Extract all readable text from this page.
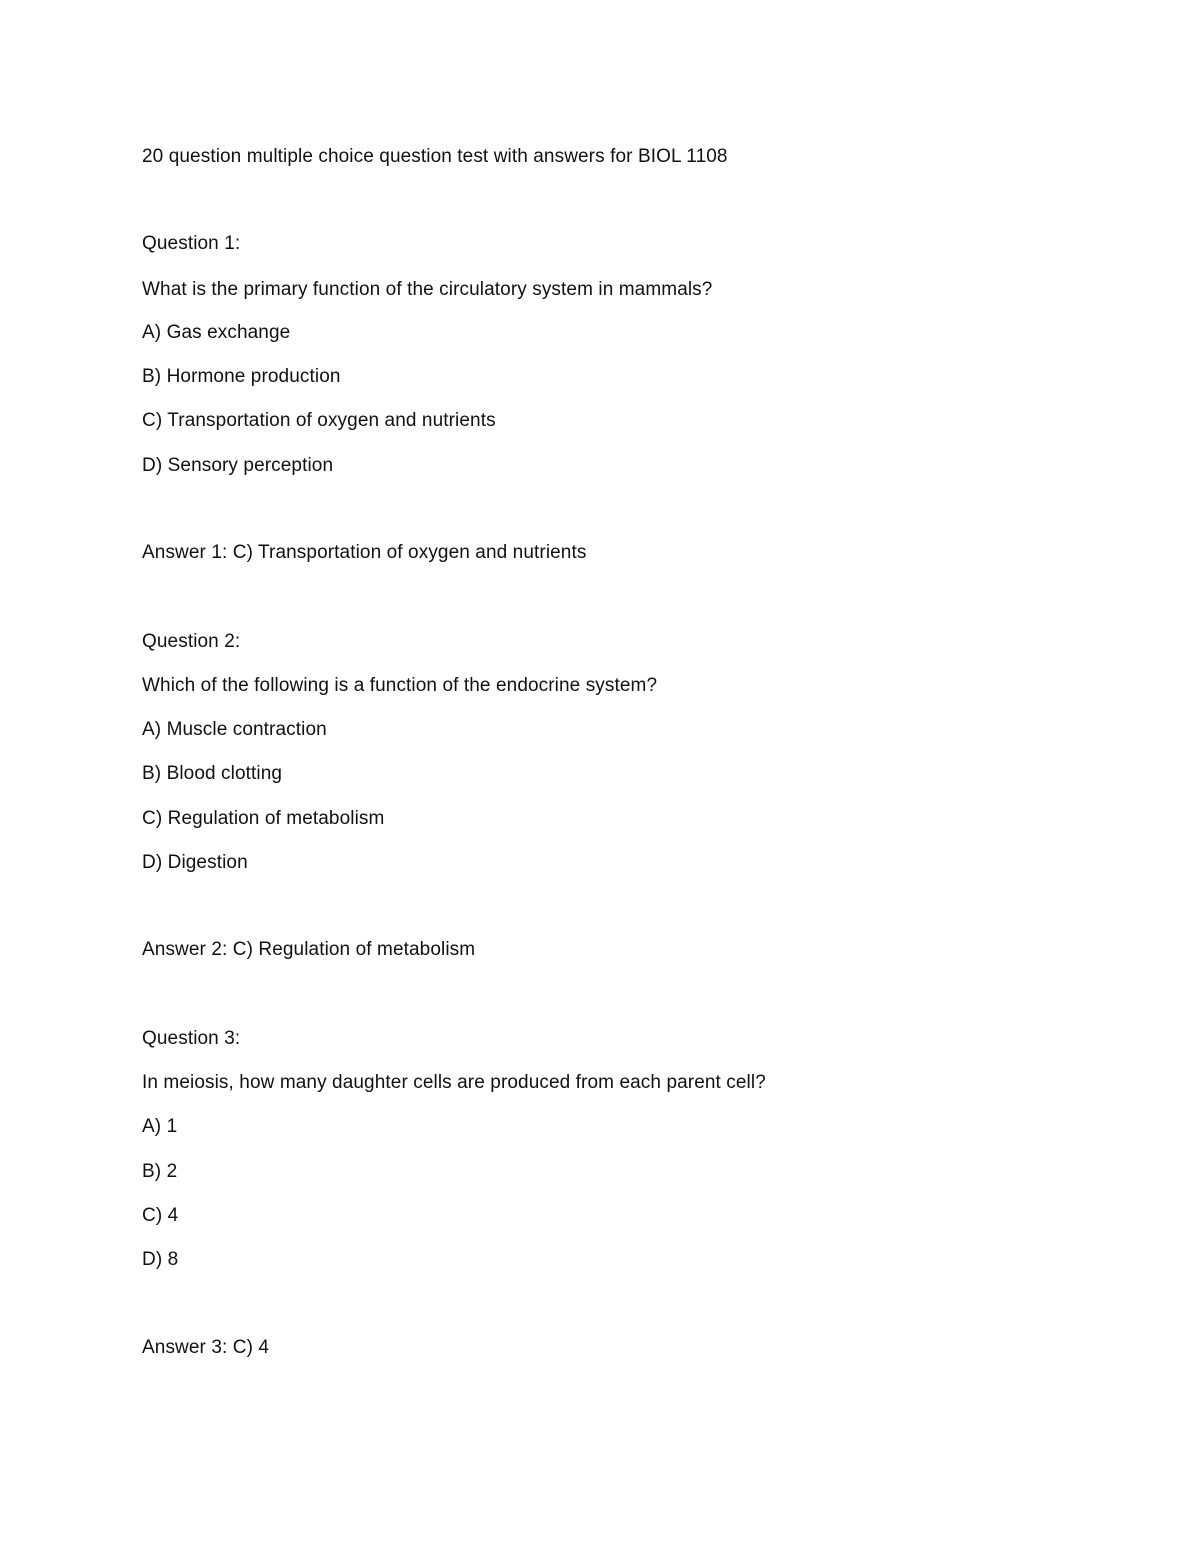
20 question multiple choice question test with answers for BIOL 1108
Question 1:
What is the primary function of the circulatory system in mammals?
A) Gas exchange
B) Hormone production
C) Transportation of oxygen and nutrients
D) Sensory perception
Answer 1: C) Transportation of oxygen and nutrients
Question 2:
Which of the following is a function of the endocrine system?
A) Muscle contraction
B) Blood clotting
C) Regulation of metabolism
D) Digestion
Answer 2: C) Regulation of metabolism
Question 3:
In meiosis, how many daughter cells are produced from each parent cell?
A) 1
B) 2
C) 4
D) 8
Answer 3: C) 4
